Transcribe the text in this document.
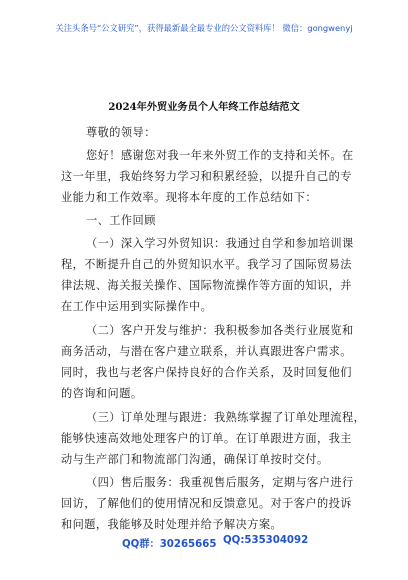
关注头条号“公文研究”，获得最新最全最专业的公文资料库！ 微信：gongwenyj
2024年外贸业务员个人年终工作总结范文
尊敬的领导：
您好！感谢您对我一年来外贸工作的支持和关怀。在
这一年里，我始终努力学习和积累经验，以提升自己的专
业能力和工作效率。现将本年度的工作总结如下：
一、工作回顾
（一）深入学习外贸知识：我通过自学和参加培训课
程，不断提升自己的外贸知识水平。我学习了国际贸易法
律法规、海关报关操作、国际物流操作等方面的知识，并
在工作中运用到实际操作中。
（二）客户开发与维护：我积极参加各类行业展览和
商务活动，与潜在客户建立联系，并认真跟进客户需求。
同时，我也与老客户保持良好的合作关系，及时回复他们
的咨询和问题。
（三）订单处理与跟进：我熟练掌握了订单处理流程，
能够快速高效地处理客户的订单。在订单跟进方面，我主
动与生产部门和物流部门沟通，确保订单按时交付。
（四）售后服务：我重视售后服务，定期与客户进行
回访，了解他们的使用情况和反馈意见。对于客户的投诉
和问题，我能够及时处理并给予解决方案。
QQ群：30265665 QQ:535304092
